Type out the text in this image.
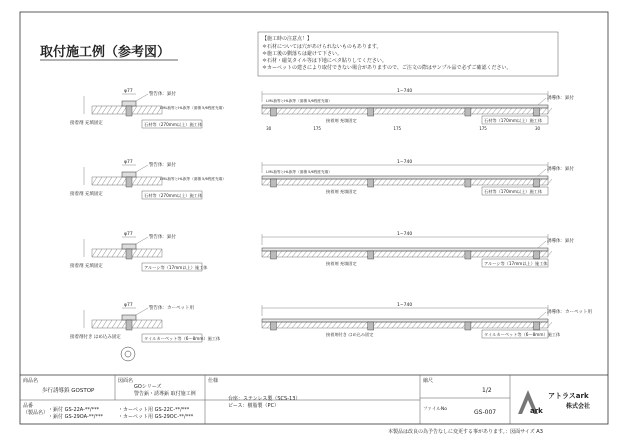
取付施工例（参考図）
【施工時の注意点！】
＊石材については穴があけられないものもあります。
＊施工後の劉落ちは避けて下さい。
＊石材・磁気タイル等は下地にベタ貼りしてください。
＊カーペットの建さにより取付できない場合がありますので、ご注文の際はサンプル品で必ずご確認ください。
φ77
警告体：鋲付
接着剤 充填固定	石材等（270mm以上）施工体
I-ML鋲等とHL鋲等（面積 5/6程度充填）
1−740
誘導体：鋲付
接着剤 充填固定	石材等（170mm以上）施工体
I-ML鋲等とHL鋲等（面積 5/6程度充填）
30	175	175	175	30
φ77
警告体：鋲付
接着剤 充填固定	石材等（270mm以上）施工体
I-ML鋲等とHL鋲等（面積 5/6程度充填）
1−740
誘導体：鋲付
接着剤 充填固定	石材等（170mm以上）施工体
I-ML鋲等とHL鋲等（面積 5/6程度充填）
φ77
警告体：鋲付
接着剤 充填固定	アルーシ等（17mm以上）施工体
1−740
誘導体：鋲付
接着剤 充填固定	アルーシ等（17mm以上）施工体
φ77
警告体：カーペット用
接着剤付き はめ込み固定	タイルカーペット等（6〜8mm）施工体
1−740
誘導体：カーペット用
接着剤付き はめ込み固定	タイルカーペット等（6〜8mm）施工体
商品名
歩行誘導鋲 GOSTOP
図面名
GOシリーズ
警告鋲・誘導鋲 取付施工例
仕様
台座：ステンレス製（SCS-13）
ビース：樹脂製（PC）
品番
（製品名） ・鋲付 GS-22A-**/***
・鋲付 GS-29OA-**/***
・カーペット用 GS-22C-**/***
・カーペット用 GS-29OC-**/***
縮尺
1/2
ファイルNo	GS-007	ark
アトラスark
株式会社
本製品は改良の為予告なしに変更する事があります。：図面サイズ A3
